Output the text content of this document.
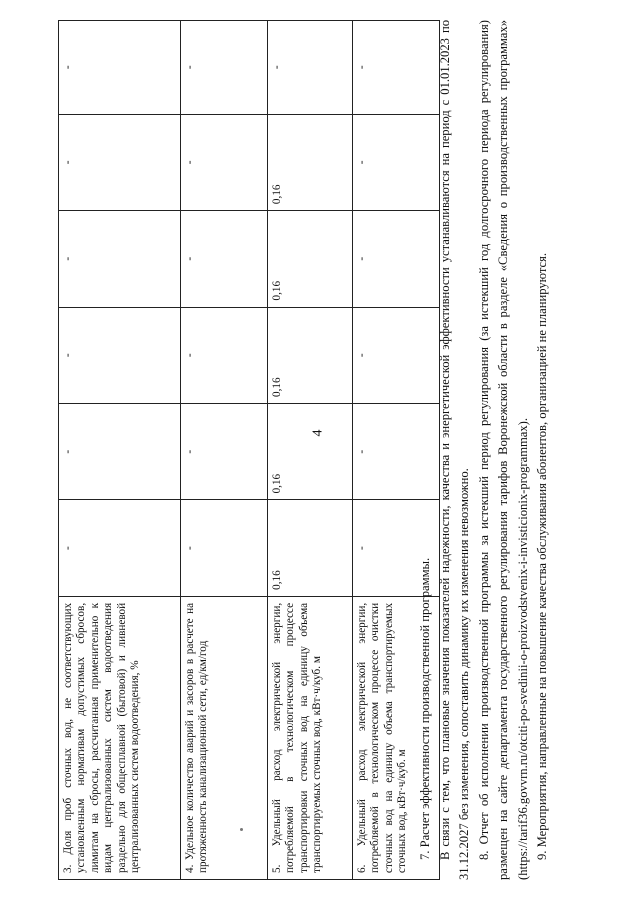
4
3. Доля проб сточных вод, не соответствующих установленным нормативам допустимых сбросов, лимитам на сбросы, рассчитанная применительно к видам централизованных систем водоотведения раздельно для общесплавной (бытовой) и ливневой централизованных систем водоотведения, %	-	-	-	-	-	-
4. Удельное количество аварий и засоров в расчете на протяженность канализационной сети, ед/км/год	-	-	-	-	-	-
5. Удельный расход электрической энергии, потребляемой в технологическом процессе транспортировки сточных вод на единицу объема транспортируемых сточных вод, кВт·ч/куб. м	0,16	0,16	0,16	0,16	0,16	-
6. Удельный расход электрической энергии, потребляемой в технологическом процессе очистки сточных вод на единицу объема транспортируемых сточных вод, кВт·ч/куб. м	-	-	-	-	-	-

7. Расчет эффективности производственной программы. В связи с тем, что плановые значения показателей надежности, качества и энергетической эффективности устанавливаются на период с 01.01.2023 по 31.12.2027 без изменения, сопоставить динамику их изменения невозможно. 8. Отчет об исполнении производственной программы за истекший период регулирования (за истекший год долгосрочного периода регулирования) размещен на сайте департамента государственного регулирования тарифов Воронежской области в разделе «Сведения о производственных программах» (https://tarif36.govvrn.ru/otciti-po-svedinii-o-proizvodstvenix-i-invisticionix-programmax). 9. Мероприятия, направленные на повышение качества обслуживания абонентов, организацией не планируются.
